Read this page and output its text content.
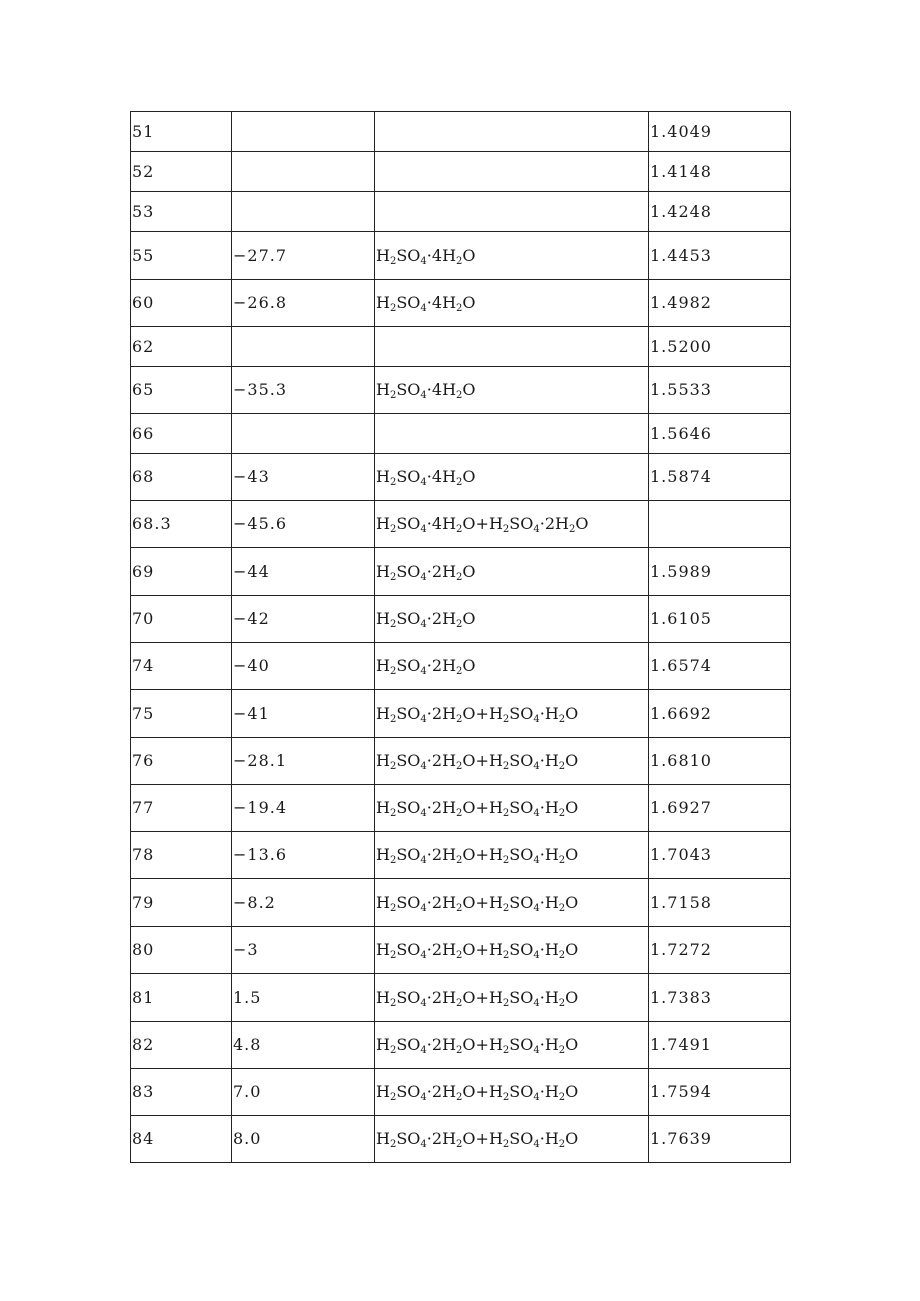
51			1.4049
52			1.4148
53			1.4248
55	−27.7	$H_2SO_4\cdot 4H_2O$	1.4453
60	−26.8	$H_2SO_4\cdot 4H_2O$	1.4982
62			1.5200
65	−35.3	$H_2SO_4\cdot 4H_2O$	1.5533
66			1.5646
68	−43	$H_2SO_4\cdot 4H_2O$	1.5874
68.3	−45.6	$H_2SO_4\cdot 4H_2O+H_2SO_4\cdot 2H_2O$	
69	−44	$H_2SO_4\cdot 2H_2O$	1.5989
70	−42	$H_2SO_4\cdot 2H_2O$	1.6105
74	−40	$H_2SO_4\cdot 2H_2O$	1.6574
75	−41	$H_2SO_4\cdot 2H_2O+H_2SO_4\cdot H_2O$	1.6692
76	−28.1	$H_2SO_4\cdot 2H_2O+H_2SO_4\cdot H_2O$	1.6810
77	−19.4	$H_2SO_4\cdot 2H_2O+H_2SO_4\cdot H_2O$	1.6927
78	−13.6	$H_2SO_4\cdot 2H_2O+H_2SO_4\cdot H_2O$	1.7043
79	−8.2	$H_2SO_4\cdot 2H_2O+H_2SO_4\cdot H_2O$	1.7158
80	−3	$H_2SO_4\cdot 2H_2O+H_2SO_4\cdot H_2O$	1.7272
81	1.5	$H_2SO_4\cdot 2H_2O+H_2SO_4\cdot H_2O$	1.7383
82	4.8	$H_2SO_4\cdot 2H_2O+H_2SO_4\cdot H_2O$	1.7491
83	7.0	$H_2SO_4\cdot 2H_2O+H_2SO_4\cdot H_2O$	1.7594
84	8.0	$H_2SO_4\cdot 2H_2O+H_2SO_4\cdot H_2O$	1.7639
